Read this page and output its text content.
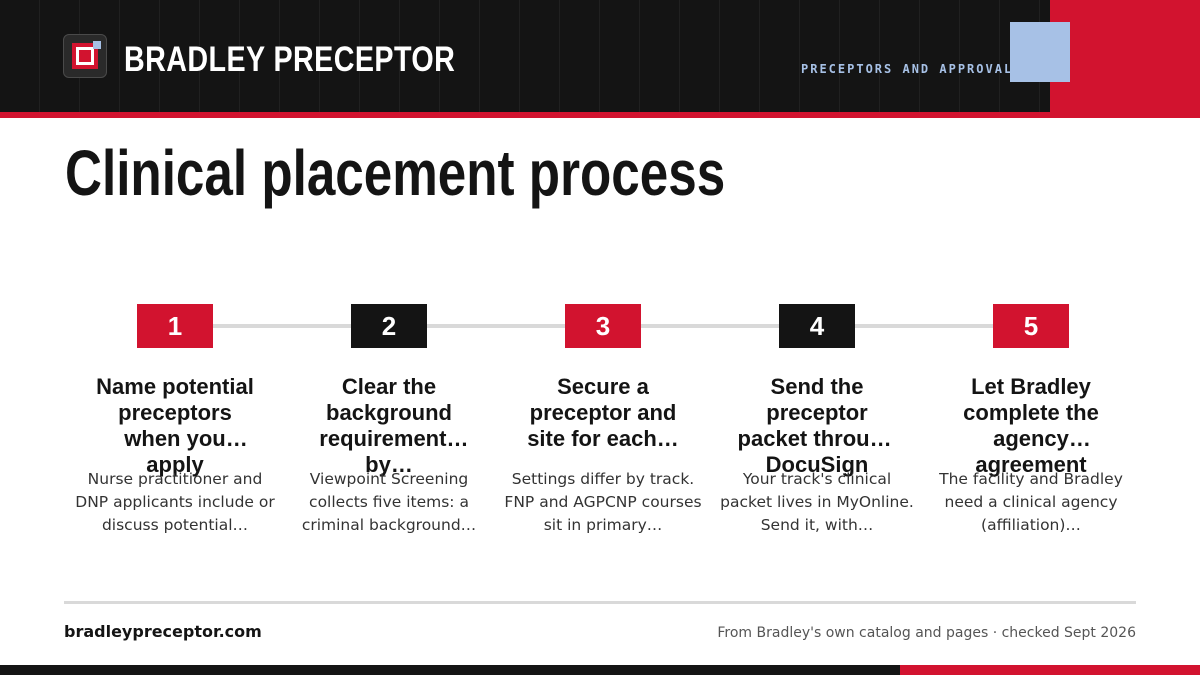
BRADLEY PRECEPTOR	PRECEPTORS AND APPROVAL

Clinical placement process
1	2	3	4	5
Name potential preceptors when you apply

Nurse practitioner and DNP applicants include or discuss potential…

Clear the background requirements by…

Viewpoint Screening collects five items: a criminal background…

Secure a preceptor and site for each…

Settings differ by track. FNP and AGPCNP courses sit in primary…

Send the preceptor packet through DocuSign

Your track's clinical packet lives in MyOnline. Send it, with…

Let Bradley complete the agency agreement

The facility and Bradley need a clinical agency (affiliation)…

bradleypreceptor.com	From Bradley's own catalog and pages · checked Sept 2026
